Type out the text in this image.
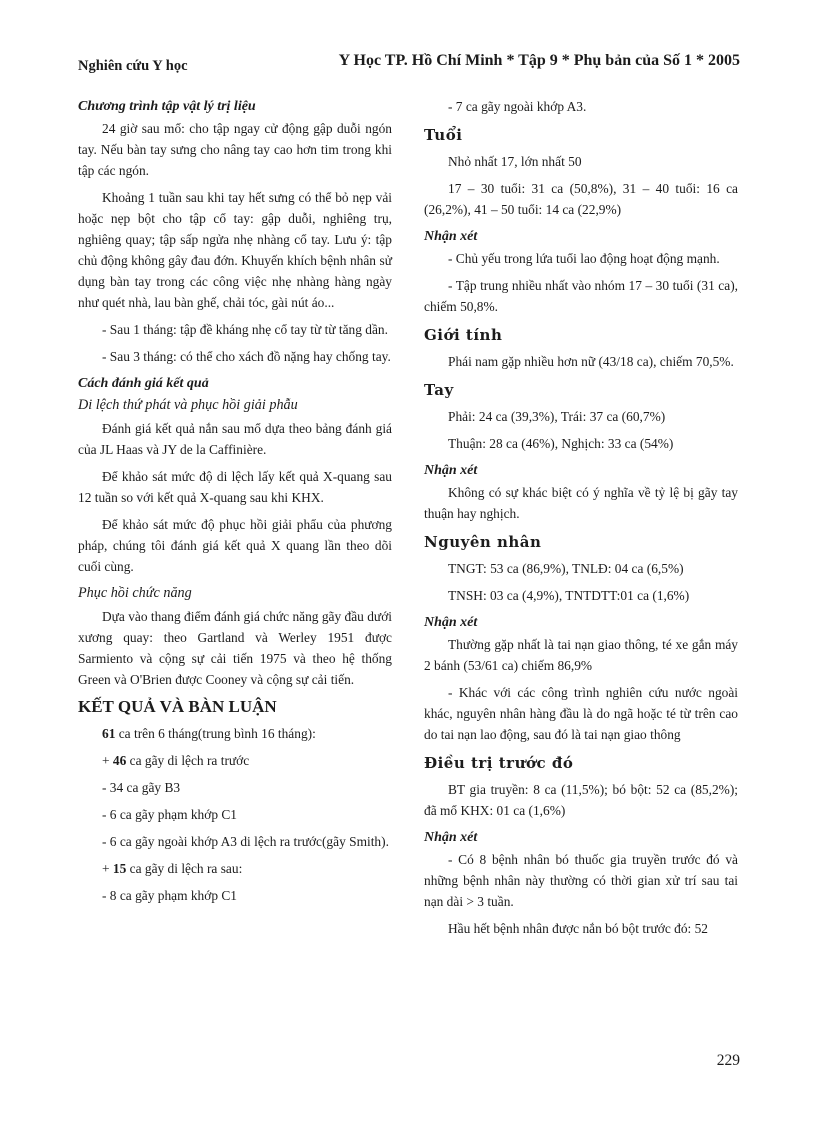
Nghiên cứu Y học	Y Học TP. Hồ Chí Minh * Tập 9 * Phụ bản của Số 1 * 2005

Chương trình tập vật lý trị liệu

24 giờ sau mổ: cho tập ngay cử động gập duỗi ngón tay. Nếu bàn tay sưng cho nâng tay cao hơn tim trong khi tập các ngón.

Khoảng 1 tuần sau khi tay hết sưng có thể bỏ nẹp vải hoặc nẹp bột cho tập cổ tay: gập duỗi, nghiêng trụ, nghiêng quay; tập sấp ngửa nhẹ nhàng cổ tay. Lưu ý: tập chủ động không gây đau đớn. Khuyến khích bệnh nhân sử dụng bàn tay trong các công việc nhẹ nhàng hàng ngày như quét nhà, lau bàn ghế, chải tóc, gài nút áo...

- Sau 1 tháng: tập đề kháng nhẹ cổ tay từ từ tăng dần.

- Sau 3 tháng: có thể cho xách đồ nặng hay chống tay.

Cách đánh giá kết quả

Di lệch thứ phát và phục hồi giải phẫu

Đánh giá kết quả nắn sau mổ dựa theo bảng đánh giá của JL Haas và JY de la Caffinière.

Để khảo sát mức độ di lệch lấy kết quả X-quang sau 12 tuần so với kết quả X-quang sau khi KHX.

Để khảo sát mức độ phục hồi giải phẩu của phương pháp, chúng tôi đánh giá kết quả X quang lần theo dõi cuối cùng.

Phục hồi chức năng

Dựa vào thang điểm đánh giá chức năng gãy đầu dưới xương quay: theo Gartland và Werley 1951 được Sarmiento và cộng sự cải tiến 1975 và theo hệ thống Green và O'Brien được Cooney và cộng sự cải tiến.

KẾT QUẢ VÀ BÀN LUẬN

61 ca trên 6 tháng(trung bình 16 tháng):

+ 46 ca gãy di lệch ra trước

- 34 ca gãy B3

- 6 ca gãy phạm khớp C1

- 6 ca gãy ngoài khớp A3 di lệch ra trước(gãy Smith).

+ 15 ca gãy di lệch ra sau:

- 8 ca gãy phạm khớp C1

- 7 ca gãy ngoài khớp A3.

Tuổi

Nhỏ nhất 17, lớn nhất 50

17 – 30 tuổi: 31 ca (50,8%), 31 – 40 tuổi: 16 ca (26,2%), 41 – 50 tuổi: 14 ca (22,9%)

Nhận xét

- Chủ yếu trong lứa tuổi lao động hoạt động mạnh.

- Tập trung nhiều nhất vào nhóm 17 – 30 tuổi (31 ca), chiếm 50,8%.

Giới tính

Phái nam gặp nhiều hơn nữ (43/18 ca), chiếm 70,5%.

Tay

Phải: 24 ca (39,3%), Trái: 37 ca (60,7%)

Thuận: 28 ca (46%), Nghịch: 33 ca (54%)

Nhận xét

Không có sự khác biệt có ý nghĩa về tỷ lệ bị gãy tay thuận hay nghịch.

Nguyên nhân

TNGT: 53 ca (86,9%), TNLĐ: 04 ca (6,5%)

TNSH: 03 ca (4,9%), TNTDTT:01 ca (1,6%)

Nhận xét

Thường gặp nhất là tai nạn giao thông, té xe gắn máy 2 bánh (53/61 ca) chiếm 86,9%

- Khác với các công trình nghiên cứu nước ngoài khác, nguyên nhân hàng đầu là do ngã hoặc té từ trên cao do tai nạn lao động, sau đó là tai nạn giao thông

Điều trị trước đó

BT gia truyền: 8 ca (11,5%); bó bột: 52 ca (85,2%); đã mổ KHX: 01 ca (1,6%)

Nhận xét

- Có 8 bệnh nhân bó thuốc gia truyền trước đó và những bệnh nhân này thường có thời gian xử trí sau tai nạn dài > 3 tuần.

Hầu hết bệnh nhân được nắn bó bột trước đó: 52

229
